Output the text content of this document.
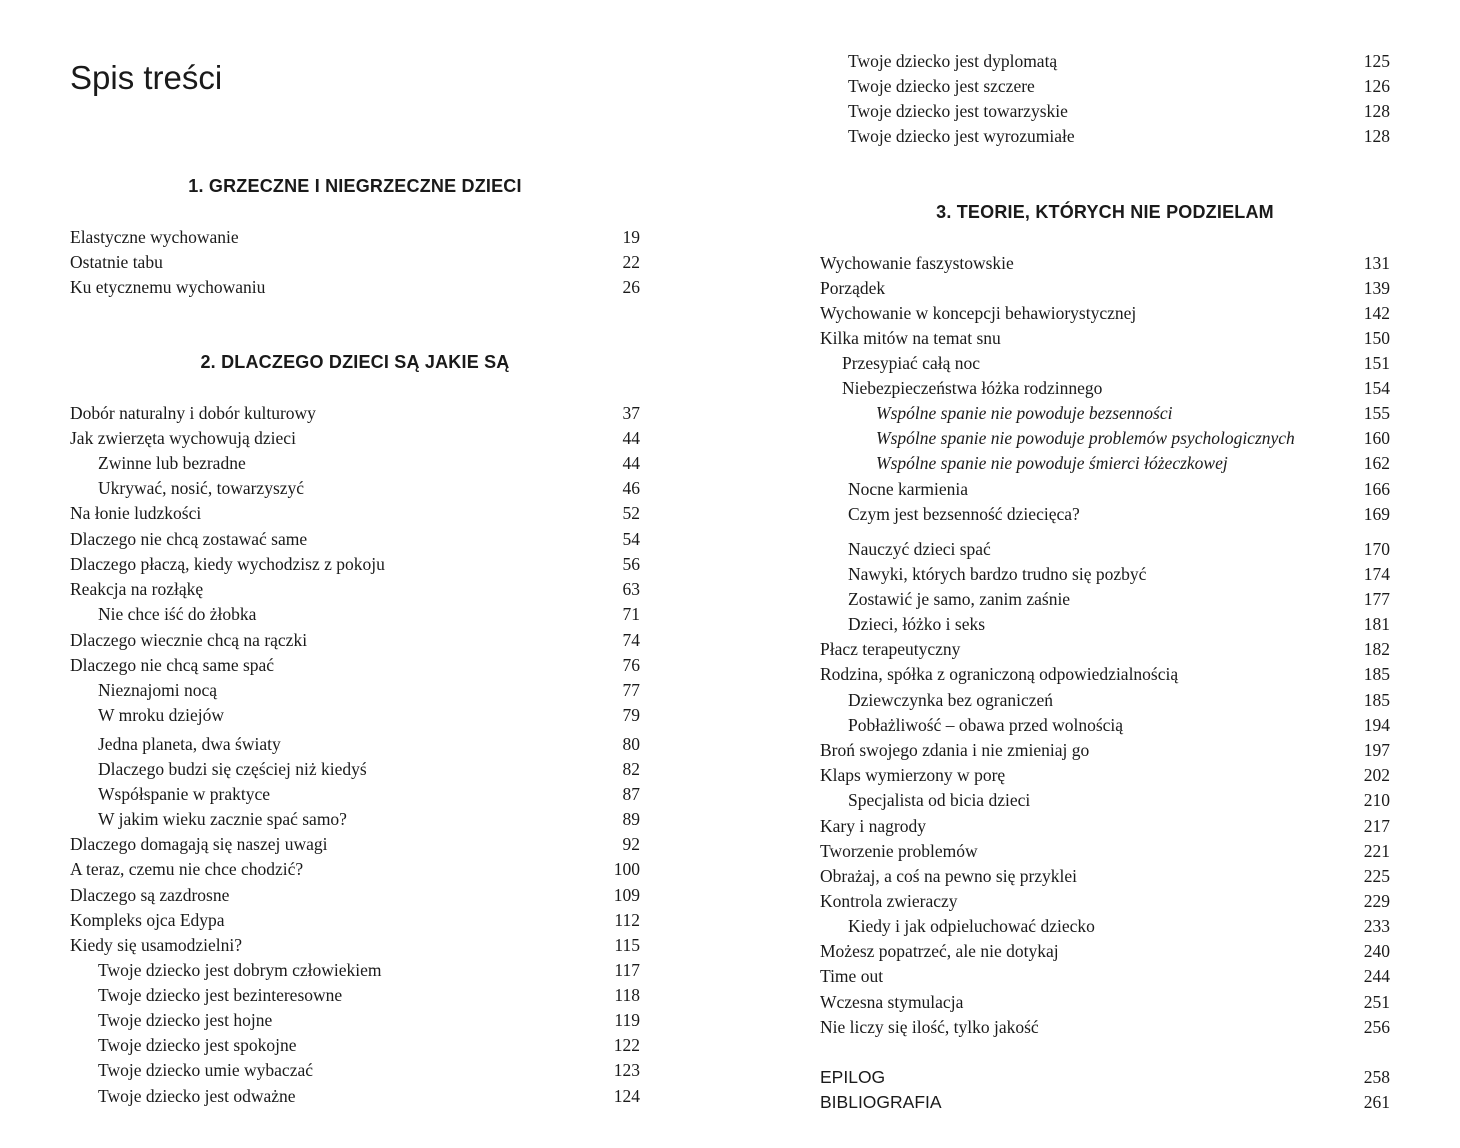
Spis treści
1. GRZECZNE I NIEGRZECZNE DZIECI
2. DLACZEGO DZIECI SĄ JAKIE SĄ
3. TEORIE, KTÓRYCH NIE PODZIELAM
Elastyczne wychowanie	19
Ostatnie tabu	22
Ku etycznemu wychowaniu	26
Dobór naturalny i dobór kulturowy	37
Jak zwierzęta wychowują dzieci	44
Zwinne lub bezradne	44
Ukrywać, nosić, towarzyszyć	46
Na łonie ludzkości	52
Dlaczego nie chcą zostawać same	54
Dlaczego płaczą, kiedy wychodzisz z pokoju	56
Reakcja na rozłąkę	63
Nie chce iść do żłobka	71
Dlaczego wiecznie chcą na rączki	74
Dlaczego nie chcą same spać	76
Nieznajomi nocą	77
W mroku dziejów	79
Jedna planeta, dwa światy	80
Dlaczego budzi się częściej niż kiedyś	82
Współspanie w praktyce	87
W jakim wieku zacznie spać samo?	89
Dlaczego domagają się naszej uwagi	92
A teraz, czemu nie chce chodzić?	100
Dlaczego są zazdrosne	109
Kompleks ojca Edypa	112
Kiedy się usamodzielni?	115
Twoje dziecko jest dobrym człowiekiem	117
Twoje dziecko jest bezinteresowne	118
Twoje dziecko jest hojne	119
Twoje dziecko jest spokojne	122
Twoje dziecko umie wybaczać	123
Twoje dziecko jest odważne	124
Twoje dziecko jest dyplomatą	125
Twoje dziecko jest szczere	126
Twoje dziecko jest towarzyskie	128
Twoje dziecko jest wyrozumiałe	128
Wychowanie faszystowskie	131
Porządek	139
Wychowanie w koncepcji behawiorystycznej	142
Kilka mitów na temat snu	150
Przesypiać całą noc	151
Niebezpieczeństwa łóżka rodzinnego	154
Wspólne spanie nie powoduje bezsenności	155
Wspólne spanie nie powoduje problemów psychologicznych	160
Wspólne spanie nie powoduje śmierci łóżeczkowej	162
Nocne karmienia	166
Czym jest bezsenność dziecięca?	169
Nauczyć dzieci spać	170
Nawyki, których bardzo trudno się pozbyć	174
Zostawić je samo, zanim zaśnie	177
Dzieci, łóżko i seks	181
Płacz terapeutyczny	182
Rodzina, spółka z ograniczoną odpowiedzialnością	185
Dziewczynka bez ograniczeń	185
Pobłażliwość – obawa przed wolnością	194
Broń swojego zdania i nie zmieniaj go	197
Klaps wymierzony w porę	202
Specjalista od bicia dzieci	210
Kary i nagrody	217
Tworzenie problemów	221
Obrażaj, a coś na pewno się przyklei	225
Kontrola zwieraczy	229
Kiedy i jak odpieluchować dziecko	233
Możesz popatrzeć, ale nie dotykaj	240
Time out	244
Wczesna stymulacja	251
Nie liczy się ilość, tylko jakość	256
EPILOG	258
BIBLIOGRAFIA	261
